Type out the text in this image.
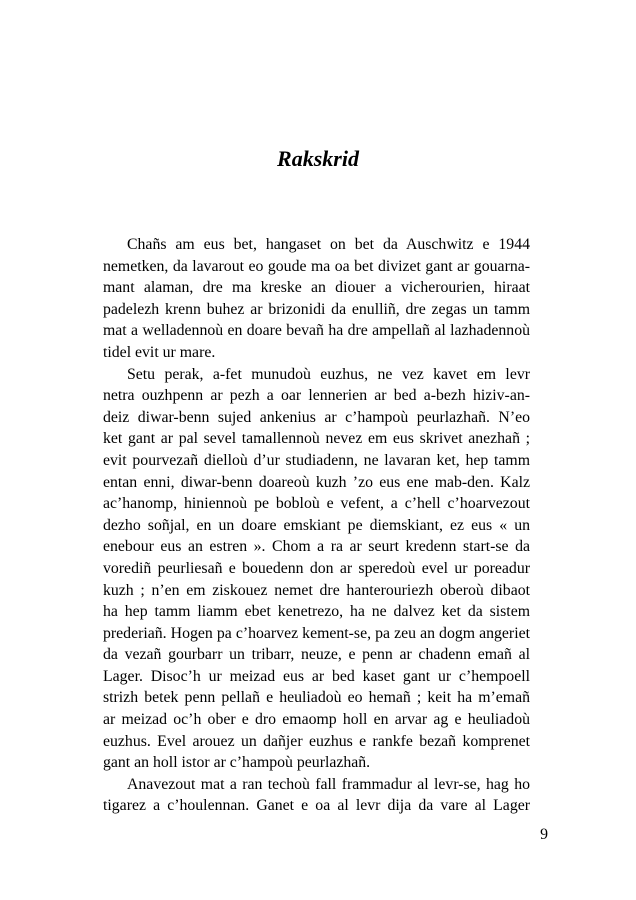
Rakskrid

Chañs am eus bet, hangaset on bet da Auschwitz e 1944
nemetken, da lavarout eo goude ma oa bet divizet gant ar gouarna-
mant alaman, dre ma kreske an diouer a vicherourien, hiraat
padelezh krenn buhez ar brizonidi da enulliñ, dre zegas un tamm
mat a welladennoù en doare bevañ ha dre ampellañ al lazhadennoù
tidel evit ur mare.

Setu perak, a-fet munudoù euzhus, ne vez kavet em levr
netra ouzhpenn ar pezh a oar lennerien ar bed a-bezh hiziv-an-
deiz diwar-benn sujed ankenius ar c’hampoù peurlazhañ. N’eo
ket gant ar pal sevel tamallennoù nevez em eus skrivet anezhañ ;
evit pourvezañ dielloù d’ur studiadenn, ne lavaran ket, hep tamm
entan enni, diwar-benn doareoù kuzh ’zo eus ene mab-den. Kalz
ac’hanomp, hiniennoù pe bobloù e vefent, a c’hell c’hoarvezout
dezho soñjal, en un doare emskiant pe diemskiant, ez eus « un
enebour eus an estren ». Chom a ra ar seurt kredenn start-se da
vorediñ peurliesañ e bouedenn don ar speredoù evel ur poreadur
kuzh ; n’en em ziskouez nemet dre hanterouriezh oberoù dibaot
ha hep tamm liamm ebet kenetrezo, ha ne dalvez ket da sistem
prederiañ. Hogen pa c’hoarvez kement-se, pa zeu an dogm angeriet
da vezañ gourbarr un tribarr, neuze, e penn ar chadenn emañ al
Lager. Disoc’h ur meizad eus ar bed kaset gant ur c’hempoell
strizh betek penn pellañ e heuliadoù eo hemañ ; keit ha m’emañ
ar meizad oc’h ober e dro emaomp holl en arvar ag e heuliadoù
euzhus. Evel arouez un dañjer euzhus e rankfe bezañ komprenet
gant an holl istor ar c’hampoù peurlazhañ.

Anavezout mat a ran techoù fall frammadur al levr-se, hag ho
tigarez a c’houlennan. Ganet e oa al levr dija da vare al Lager

9
